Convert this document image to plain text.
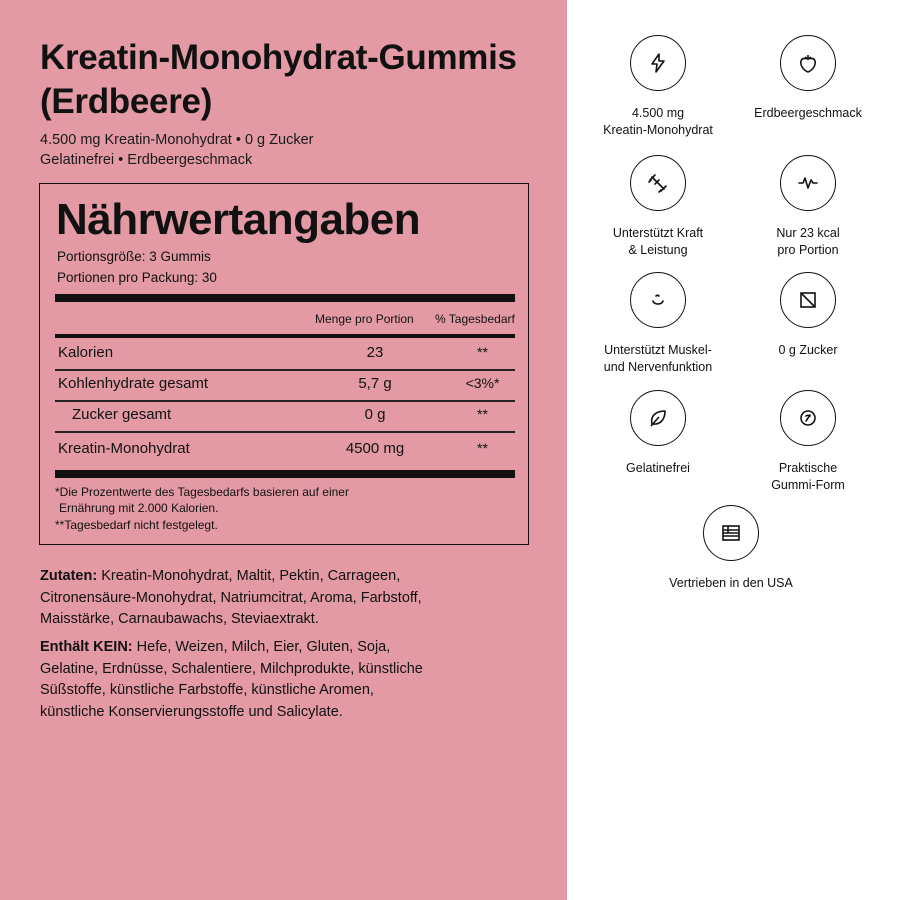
Kreatin-Monohydrat-Gummis (Erdbeere)
4.500 mg Kreatin-Monohydrat • 0 g Zucker
Gelatinefrei • Erdbeergeschmack
Nährwertangaben
Portionsgröße: 3 Gummis
Portionen pro Packung: 30
Menge pro Portion % Tagesbedarf
Kalorien	23	**
Kohlenhydrate gesamt	5,7 g	<3%*
Zucker gesamt	0 g	**
Kreatin-Monohydrat	4500 mg	**
*Die Prozentwerte des Tagesbedarfs basieren auf einer
Ernährung mit 2.000 Kalorien.
**Tagesbedarf nicht festgelegt.
Zutaten: Kreatin-Monohydrat, Maltit, Pektin, Carrageen, Citronensäure-Monohydrat, Natriumcitrat, Aroma, Farbstoff, Maisstärke, Carnaubawachs, Steviaextrakt.
Enthält KEIN: Hefe, Weizen, Milch, Eier, Gluten, Soja, Gelatine, Erdnüsse, Schalentiere, Milchprodukte, künstliche Süßstoffe, künstliche Farbstoffe, künstliche Aromen, künstliche Konservierungsstoffe und Salicylate.
4.500 mg
Kreatin-Monohydrat
Erdbeergeschmack

Unterstützt Kraft
& Leistung
Nur 23 kcal
pro Portion
Unterstützt Muskel-
und Nervenfunktion
0 g Zucker

Gelatinefrei	Praktische
Gummi-Form
Vertrieben in den USA
